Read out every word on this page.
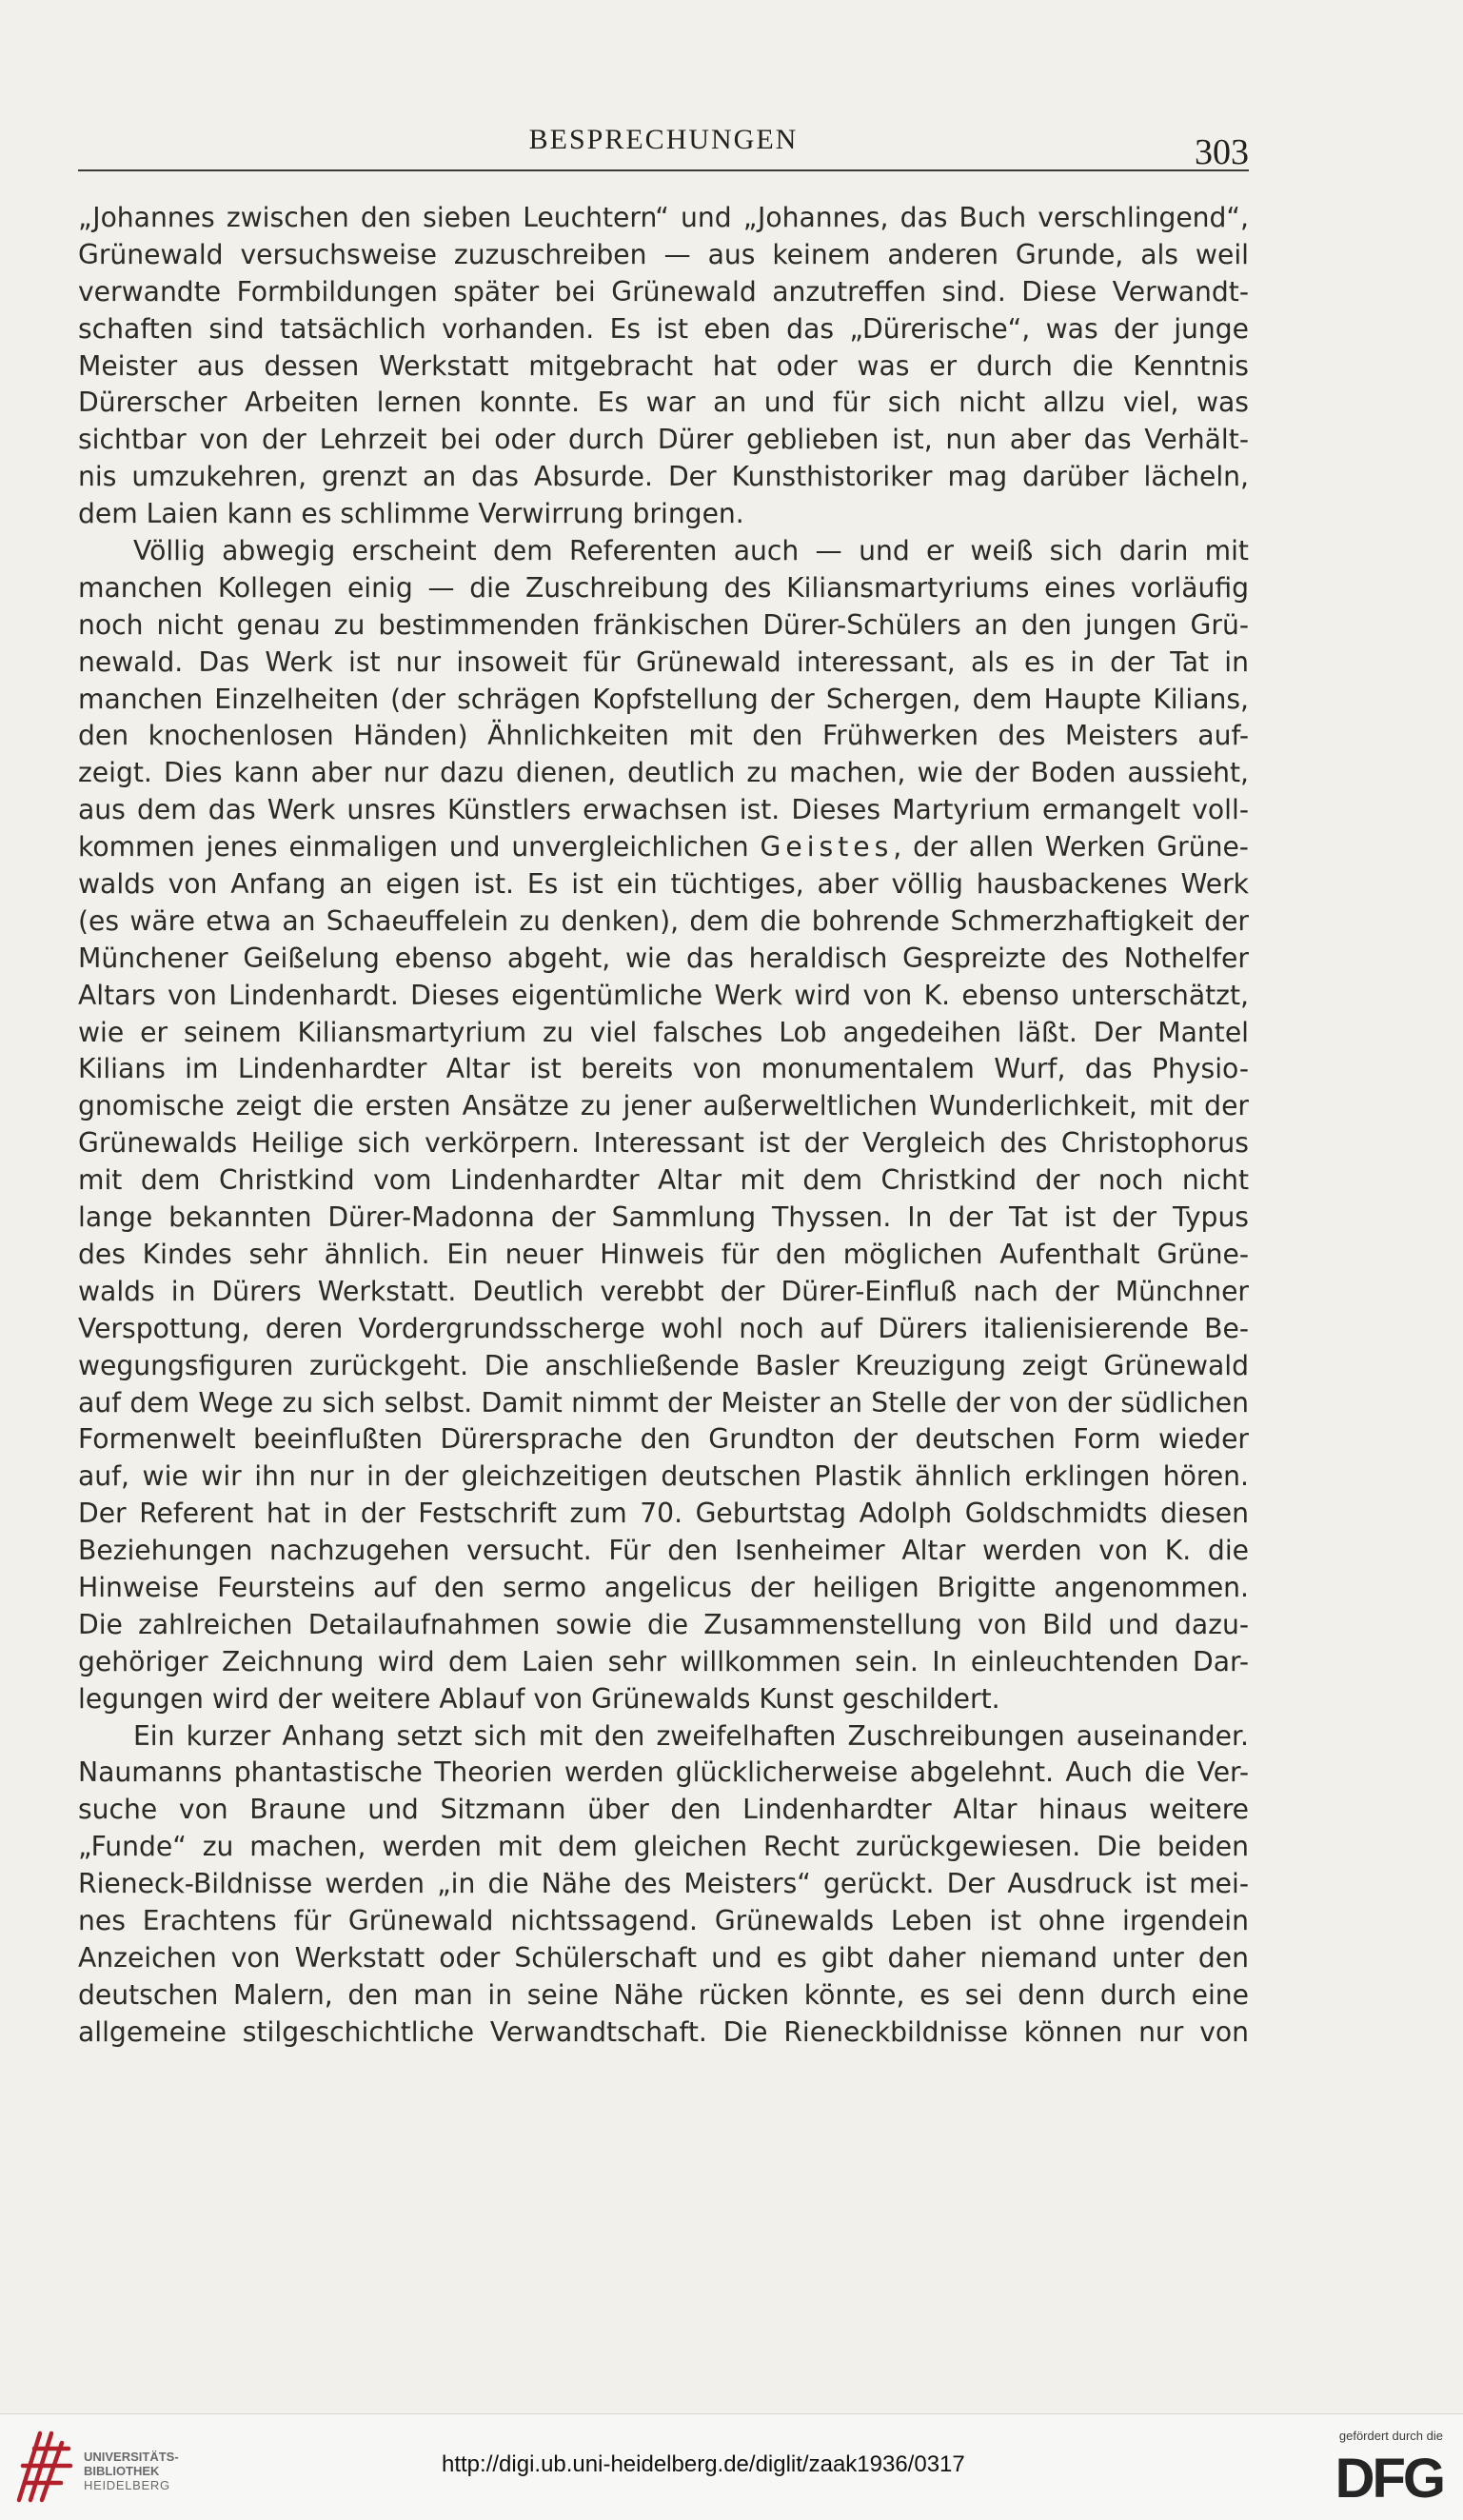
BESPRECHUNGEN	303
„Johannes zwischen den sieben Leuchtern“ und „Johannes, das Buch verschlingend“,
Grünewald versuchsweise zuzuschreiben — aus keinem anderen Grunde, als weil
verwandte Formbildungen später bei Grünewald anzutreffen sind. Diese Verwandt-
schaften sind tatsächlich vorhanden. Es ist eben das „Dürerische“, was der junge
Meister aus dessen Werkstatt mitgebracht hat oder was er durch die Kenntnis
Dürerscher Arbeiten lernen konnte. Es war an und für sich nicht allzu viel, was
sichtbar von der Lehrzeit bei oder durch Dürer geblieben ist, nun aber das Verhält-
nis umzukehren, grenzt an das Absurde. Der Kunsthistoriker mag darüber lächeln,
dem Laien kann es schlimme Verwirrung bringen.
Völlig abwegig erscheint dem Referenten auch — und er weiß sich darin mit
manchen Kollegen einig — die Zuschreibung des Kiliansmartyriums eines vorläufig
noch nicht genau zu bestimmenden fränkischen Dürer-Schülers an den jungen Grü-
newald. Das Werk ist nur insoweit für Grünewald interessant, als es in der Tat in
manchen Einzelheiten (der schrägen Kopfstellung der Schergen, dem Haupte Kilians,
den knochenlosen Händen) Ähnlichkeiten mit den Frühwerken des Meisters auf-
zeigt. Dies kann aber nur dazu dienen, deutlich zu machen, wie der Boden aussieht,
aus dem das Werk unsres Künstlers erwachsen ist. Dieses Martyrium ermangelt voll-
kommen jenes einmaligen und unvergleichlichen Geistes, der allen Werken Grüne-
walds von Anfang an eigen ist. Es ist ein tüchtiges, aber völlig hausbackenes Werk
(es wäre etwa an Schaeuffelein zu denken), dem die bohrende Schmerzhaftigkeit der
Münchener Geißelung ebenso abgeht, wie das heraldisch Gespreizte des Nothelfer
Altars von Lindenhardt. Dieses eigentümliche Werk wird von K. ebenso unterschätzt,
wie er seinem Kiliansmartyrium zu viel falsches Lob angedeihen läßt. Der Mantel
Kilians im Lindenhardter Altar ist bereits von monumentalem Wurf, das Physio-
gnomische zeigt die ersten Ansätze zu jener außerweltlichen Wunderlichkeit, mit der
Grünewalds Heilige sich verkörpern. Interessant ist der Vergleich des Christophorus
mit dem Christkind vom Lindenhardter Altar mit dem Christkind der noch nicht
lange bekannten Dürer-Madonna der Sammlung Thyssen. In der Tat ist der Typus
des Kindes sehr ähnlich. Ein neuer Hinweis für den möglichen Aufenthalt Grüne-
walds in Dürers Werkstatt. Deutlich verebbt der Dürer-Einfluß nach der Münchner
Verspottung, deren Vordergrundsscherge wohl noch auf Dürers italienisierende Be-
wegungsfiguren zurückgeht. Die anschließende Basler Kreuzigung zeigt Grünewald
auf dem Wege zu sich selbst. Damit nimmt der Meister an Stelle der von der südlichen
Formenwelt beeinflußten Dürersprache den Grundton der deutschen Form wieder
auf, wie wir ihn nur in der gleichzeitigen deutschen Plastik ähnlich erklingen hören.
Der Referent hat in der Festschrift zum 70. Geburtstag Adolph Goldschmidts diesen
Beziehungen nachzugehen versucht. Für den Isenheimer Altar werden von K. die
Hinweise Feursteins auf den sermo angelicus der heiligen Brigitte angenommen.
Die zahlreichen Detailaufnahmen sowie die Zusammenstellung von Bild und dazu-
gehöriger Zeichnung wird dem Laien sehr willkommen sein. In einleuchtenden Dar-
legungen wird der weitere Ablauf von Grünewalds Kunst geschildert.
Ein kurzer Anhang setzt sich mit den zweifelhaften Zuschreibungen auseinander.
Naumanns phantastische Theorien werden glücklicherweise abgelehnt. Auch die Ver-
suche von Braune und Sitzmann über den Lindenhardter Altar hinaus weitere
„Funde“ zu machen, werden mit dem gleichen Recht zurückgewiesen. Die beiden
Rieneck-Bildnisse werden „in die Nähe des Meisters“ gerückt. Der Ausdruck ist mei-
nes Erachtens für Grünewald nichtssagend. Grünewalds Leben ist ohne irgendein
Anzeichen von Werkstatt oder Schülerschaft und es gibt daher niemand unter den
deutschen Malern, den man in seine Nähe rücken könnte, es sei denn durch eine
allgemeine stilgeschichtliche Verwandtschaft. Die Rieneckbildnisse können nur von
UNIVERSITÄTS-
BIBLIOTHEK
HEIDELBERG
http://digi.ub.uni-heidelberg.de/diglit/zaak1936/0317
gefördert durch die
DFG
